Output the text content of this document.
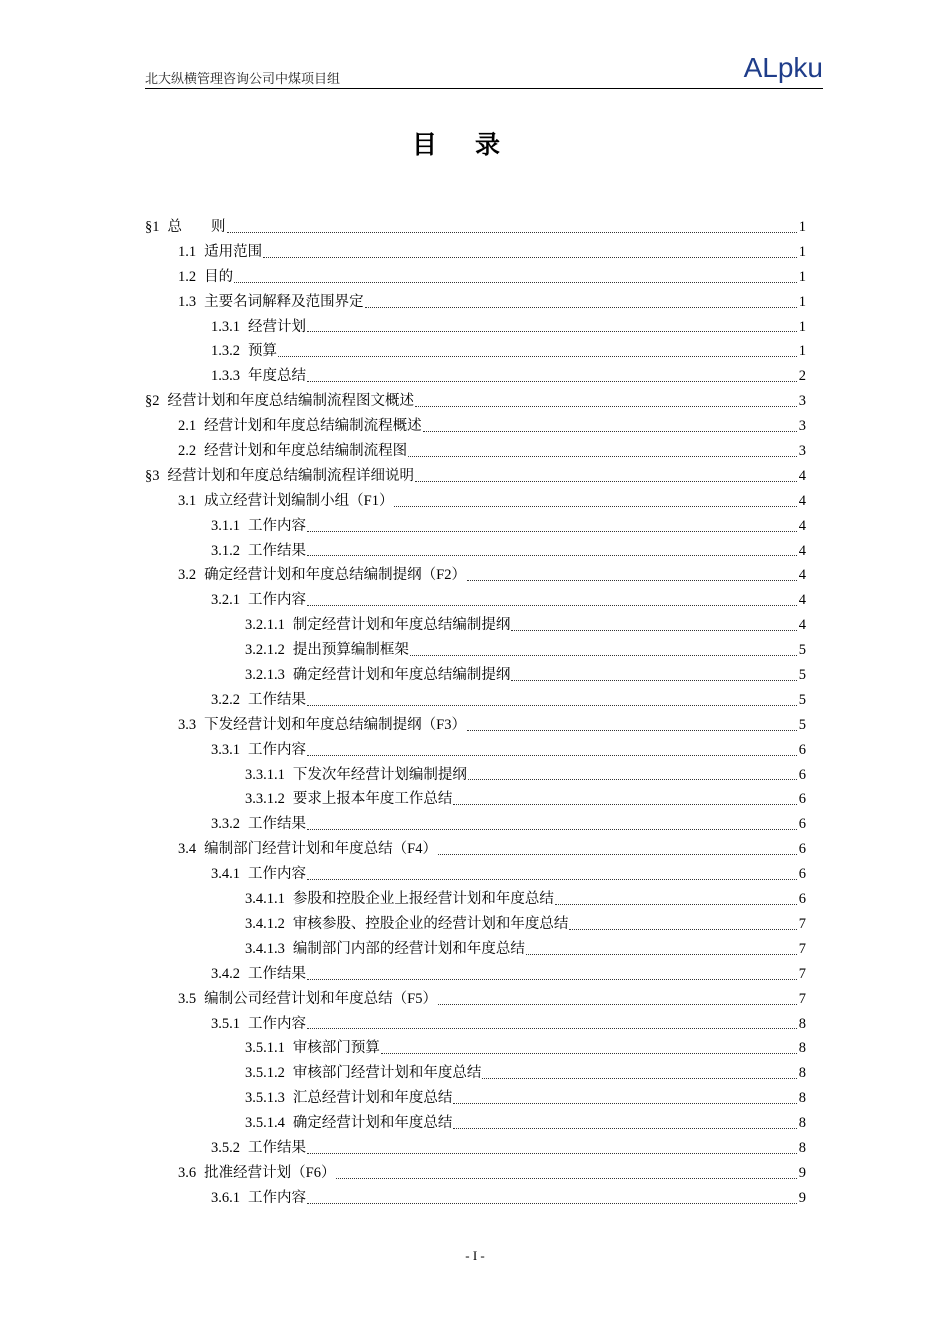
北大纵横管理咨询公司中煤项目组	ALpku
目录
§1 总　　则	1
1.1 适用范围	1
1.2 目的	1
1.3 主要名词解释及范围界定	1
1.3.1 经营计划	1
1.3.2 预算	1
1.3.3 年度总结	2
§2 经营计划和年度总结编制流程图文概述	3
2.1 经营计划和年度总结编制流程概述	3
2.2 经营计划和年度总结编制流程图	3
§3 经营计划和年度总结编制流程详细说明	4
3.1 成立经营计划编制小组（F1）	4
3.1.1 工作内容	4
3.1.2 工作结果	4
3.2 确定经营计划和年度总结编制提纲（F2）	4
3.2.1 工作内容	4
3.2.1.1 制定经营计划和年度总结编制提纲	4
3.2.1.2 提出预算编制框架	5
3.2.1.3 确定经营计划和年度总结编制提纲	5
3.2.2 工作结果	5
3.3 下发经营计划和年度总结编制提纲（F3）	5
3.3.1 工作内容	6
3.3.1.1 下发次年经营计划编制提纲	6
3.3.1.2 要求上报本年度工作总结	6
3.3.2 工作结果	6
3.4 编制部门经营计划和年度总结（F4）	6
3.4.1 工作内容	6
3.4.1.1 参股和控股企业上报经营计划和年度总结	6
3.4.1.2 审核参股、控股企业的经营计划和年度总结	7
3.4.1.3 编制部门内部的经营计划和年度总结	7
3.4.2 工作结果	7
3.5 编制公司经营计划和年度总结（F5）	7
3.5.1 工作内容	8
3.5.1.1 审核部门预算	8
3.5.1.2 审核部门经营计划和年度总结	8
3.5.1.3 汇总经营计划和年度总结	8
3.5.1.4 确定经营计划和年度总结	8
3.5.2 工作结果	8
3.6 批准经营计划（F6）	9
3.6.1 工作内容	9
- I -
